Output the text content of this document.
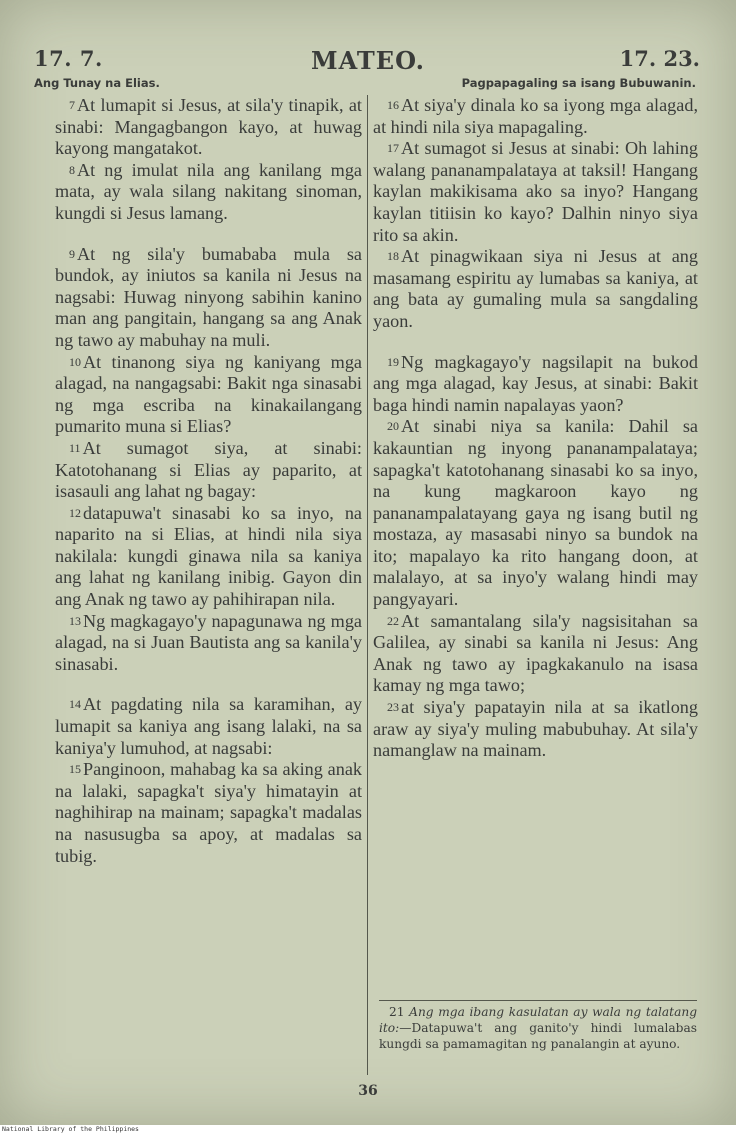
17. 7.	MATEO.	17. 23.
Ang Tunay na Elias.	Pagpapagaling sa isang Bubuwanin.

7 At lumapit si Jesus, at sila'y tinapik, at sinabi: Mangagbangon kayo, at huwag kayong mangatakot.

8 At ng imulat nila ang kanilang mga mata, ay wala silang nakitang sinoman, kungdi si Jesus lamang.

9 At ng sila'y bumababa mula sa bundok, ay iniutos sa kanila ni Jesus na nagsabi: Huwag ninyong sabihin kanino man ang pangitain, hangang sa ang Anak ng tawo ay mabuhay na muli.

10 At tinanong siya ng kaniyang mga alagad, na nangagsabi: Bakit nga sinasabi ng mga escriba na kinakailangang pumarito muna si Elias?

11 At sumagot siya, at sinabi: Katotohanang si Elias ay paparito, at isasauli ang lahat ng bagay:

12 datapuwa't sinasabi ko sa inyo, na naparito na si Elias, at hindi nila siya nakilala: kungdi ginawa nila sa kaniya ang lahat ng kanilang inibig. Gayon din ang Anak ng tawo ay pahihirapan nila.

13 Ng magkagayo'y napagunawa ng mga alagad, na si Juan Bautista ang sa kanila'y sinasabi.

14 At pagdating nila sa karamihan, ay lumapit sa kaniya ang isang lalaki, na sa kaniya'y lumuhod, at nagsabi:

15 Panginoon, mahabag ka sa aking anak na lalaki, sapagka't siya'y himatayin at naghihirap na mainam; sapagka't madalas na nasusugba sa apoy, at madalas sa tubig.

16 At siya'y dinala ko sa iyong mga alagad, at hindi nila siya mapagaling.

17 At sumagot si Jesus at sinabi: Oh lahing walang pananampalataya at taksil! Hangang kaylan makikisama ako sa inyo? Hangang kaylan titiisin ko kayo? Dalhin ninyo siya rito sa akin.

18 At pinagwikaan siya ni Jesus at ang masamang espiritu ay lumabas sa kaniya, at ang bata ay gumaling mula sa sangdaling yaon.

19 Ng magkagayo'y nagsilapit na bukod ang mga alagad, kay Jesus, at sinabi: Bakit baga hindi namin napalayas yaon?

20 At sinabi niya sa kanila: Dahil sa kakauntian ng inyong pananampalataya; sapagka't katotohanang sinasabi ko sa inyo, na kung magkaroon kayo ng pananampalatayang gaya ng isang butil ng mostaza, ay masasabi ninyo sa bundok na ito; mapalayo ka rito hangang doon, at malalayo, at sa inyo'y walang hindi may pangyayari.

22 At samantalang sila'y nagsisitahan sa Galilea, ay sinabi sa kanila ni Jesus: Ang Anak ng tawo ay ipagkakanulo na isasa kamay ng mga tawo;

23 at siya'y papatayin nila at sa ikatlong araw ay siya'y muling mabubuhay. At sila'y namanglaw na mainam.

21 Ang mga ibang kasulatan ay wala ng talatang ito:—Datapuwa't ang ganito'y hindi lumalabas kungdi sa pamamagitan ng panalangin at ayuno.
36
National Library of the Philippines
